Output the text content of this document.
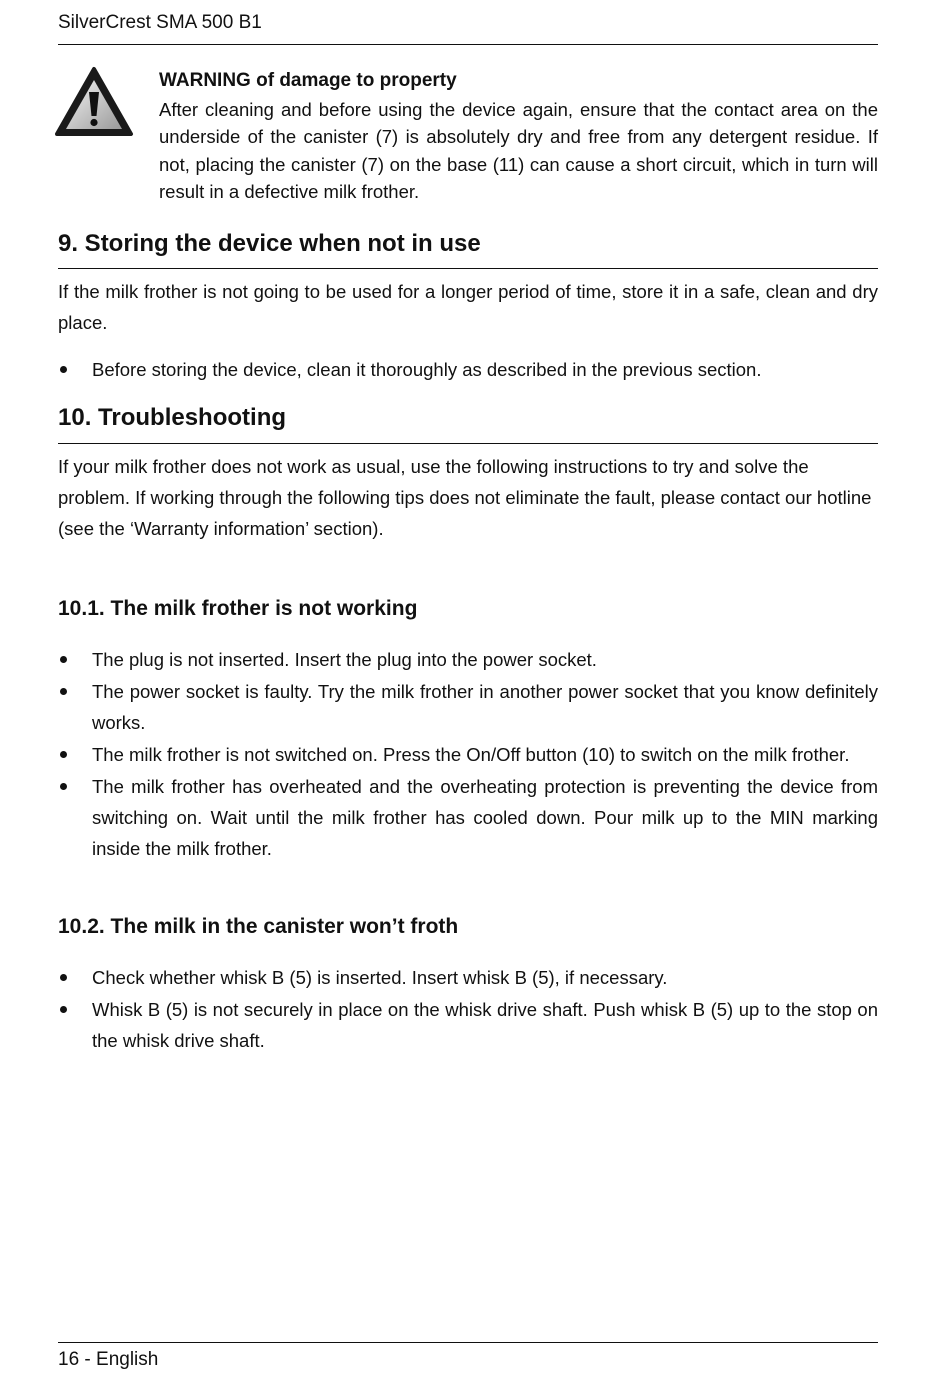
SilverCrest SMA 500 B1

WARNING of damage to property

After cleaning and before using the device again, ensure that the contact area on the underside of the canister (7) is absolutely dry and free from any detergent residue. If not, placing the canister (7) on the base (11) can cause a short circuit, which in turn will result in a defective milk frother.

9. Storing the device when not in use

If the milk frother is not going to be used for a longer period of time, store it in a safe, clean and dry place.

Before storing the device, clean it thoroughly as described in the previous section.
10. Troubleshooting

If your milk frother does not work as usual, use the following instructions to try and solve the problem. If working through the following tips does not eliminate the fault, please contact our hotline (see the ‘Warranty information’ section).

10.1. The milk frother is not working
The plug is not inserted. Insert the plug into the power socket.
The power socket is faulty. Try the milk frother in another power socket that you know definitely works.
The milk frother is not switched on. Press the On/Off button (10) to switch on the milk frother.
The milk frother has overheated and the overheating protection is preventing the device from switching on. Wait until the milk frother has cooled down. Pour milk up to the MIN marking inside the milk frother.
10.2. The milk in the canister won’t froth
Check whether whisk B (5) is inserted. Insert whisk B (5), if necessary.
Whisk B (5) is not securely in place on the whisk drive shaft. Push whisk B (5) up to the stop on the whisk drive shaft.
16 - English
